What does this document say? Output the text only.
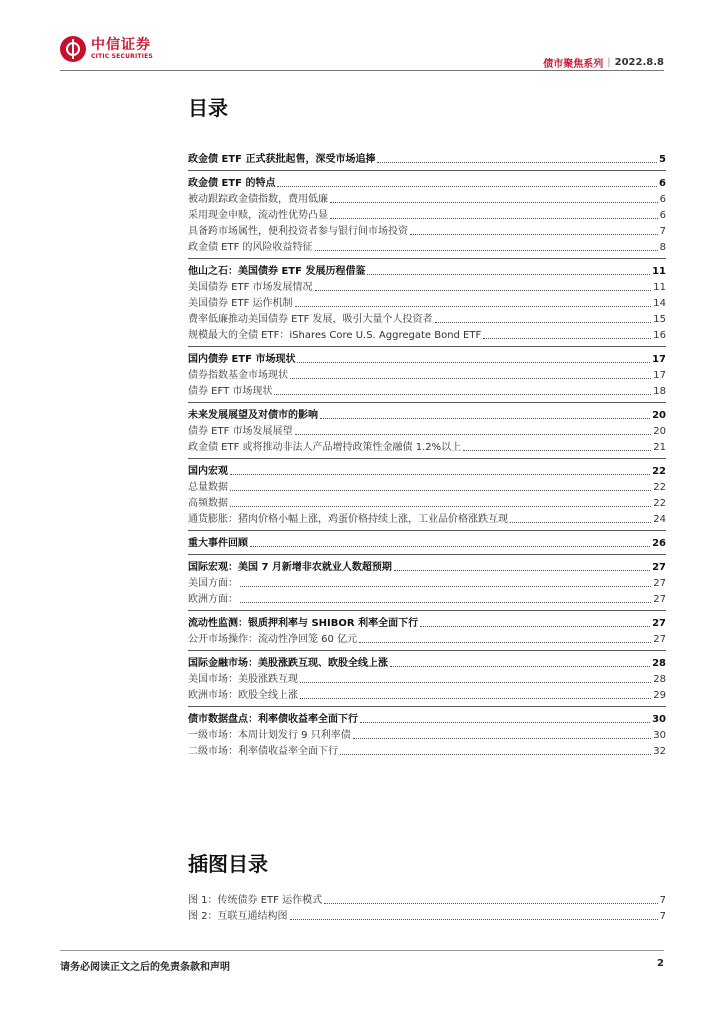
中信证券
CITIC SECURITIES
债市聚焦系列 | 2022.8.8
目录
政金债 ETF 正式获批起售，深受市场追捧	5
政金债 ETF 的特点	6
被动跟踪政金债指数，费用低廉	6
采用现金申赎，流动性优势凸显	6
具备跨市场属性，便利投资者参与银行间市场投资	7
政金债 ETF 的风险收益特征	8
他山之石：美国债券 ETF 发展历程借鉴	11
美国债券 ETF 市场发展情况	11
美国债券 ETF 运作机制	14
费率低廉推动美国债券 ETF 发展，吸引大量个人投资者	15
规模最大的全债 ETF：iShares Core U.S. Aggregate Bond ETF	16
国内债券 ETF 市场现状	17
债券指数基金市场现状	17
债券 EFT 市场现状	18
未来发展展望及对债市的影响	20
债券 ETF 市场发展展望	20
政金债 ETF 或将推动非法人产品增持政策性金融债 1.2%以上	21
国内宏观	22
总量数据	22
高频数据	22
通货膨胀：猪肉价格小幅上涨，鸡蛋价格持续上涨，工业品价格涨跌互现	24
重大事件回顾	26
国际宏观：美国 7 月新增非农就业人数超预期	27
美国方面：	27
欧洲方面：	27
流动性监测：银质押利率与 SHIBOR 利率全面下行	27
公开市场操作：流动性净回笼 60 亿元	27
国际金融市场：美股涨跌互现、欧股全线上涨	28
美国市场：美股涨跌互现	28
欧洲市场：欧股全线上涨	29
债市数据盘点：利率债收益率全面下行	30
一级市场：本周计划发行 9 只利率债	30
二级市场：利率债收益率全面下行	32
插图目录
图 1：传统债券 ETF 运作模式	7
图 2：互联互通结构图	7
请务必阅读正文之后的免责条款和声明	2
